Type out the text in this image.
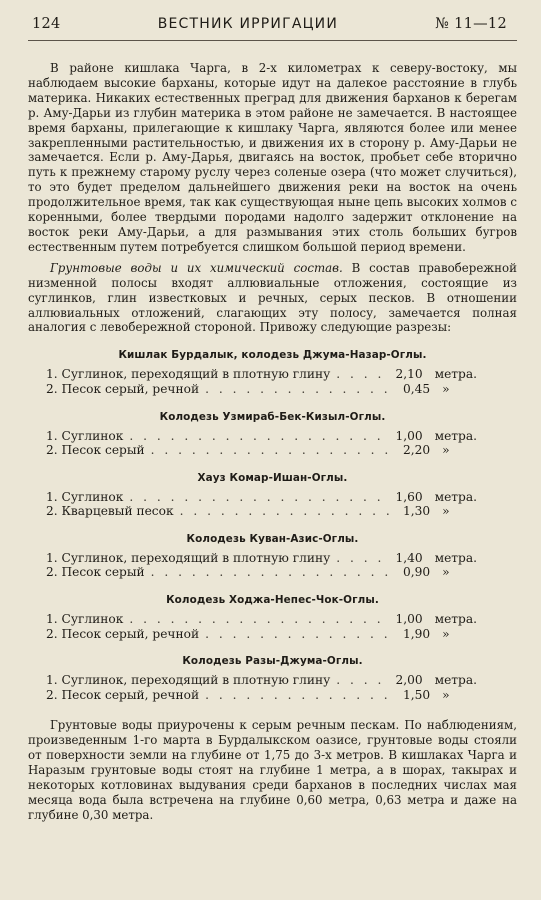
124	ВЕСТНИК ИРРИГАЦИИ	№ 11—12

В районе кишлака Чарга, в 2-х километрах к северу-востоку, мы наблюдаем высокие барханы, которые идут на далекое расстояние в глубь материка. Никаких естественных преград для движения барханов к берегам р. Аму-Дарьи из глубин материка в этом районе не замечается. В настоящее время барханы, прилегающие к кишлаку Чарга, являются более или менее закрепленными растительностью, и движения их в сторону р. Аму-Дарьи не замечается. Если р. Аму-Дарья, двигаясь на восток, пробьет себе вторично путь к прежнему старому руслу через соленые озера (что может случиться), то это будет пределом дальнейшего движения реки на восток на очень продолжительное время, так как существующая ныне цепь высоких холмов с коренными, более твердыми породами надолго задержит отклонение на восток реки Аму-Дарьи, а для размывания этих столь больших бугров естественным путем потребуется слишком большой период времени.

Грунтовые воды и их химический состав. В состав правобережной низменной полосы входят аллювиальные отложения, состоящие из суглинков, глин известковых и речных, серых песков. В отношении аллювиальных отложений, слагающих эту полосу, замечается полная аналогия с левобережной стороной. Привожу следующие разрезы:

Кишлак Бурдалык, колодезь Джума-Назар-Оглы.
1. Суглинок, переходящий в плотную глину . . .	2,10 метра.
2. Песок серый, речной . . .	0,45 »
Колодезь Узмираб-Бек-Кизыл-Оглы.
1. Суглинок . . .	1,00 метра.
2. Песок серый . . .	2,20 »
Хауз Комар-Ишан-Оглы.
1. Суглинок . . .	1,60 метра.
2. Кварцевый песок . . .	1,30 »
Колодезь Куван-Азис-Оглы.
1. Суглинок, переходящий в плотную глину . . .	1,40 метра.
2. Песок серый . . .	0,90 »
Колодезь Ходжа-Непес-Чок-Оглы.
1. Суглинок . . .	1,00 метра.
2. Песок серый, речной . . .	1,90 »
Колодезь Разы-Джума-Оглы.
1. Суглинок, переходящий в плотную глину . . .	2,00 метра.
2. Песок серый, речной . . .	1,50 »

Грунтовые воды приурочены к серым речным пескам. По наблюдениям, произведенным 1-го марта в Бурдалыкском оазисе, грунтовые воды стояли от поверхности земли на глубине от 1,75 до 3-х метров. В кишлаках Чарга и Наразым грунтовые воды стоят на глубине 1 метра, а в шорах, такырах и некоторых котловинах выдувания среди барханов в последних числах мая месяца вода была встречена на глубине 0,60 метра, 0,63 метра и даже на глубине 0,30 метра.
